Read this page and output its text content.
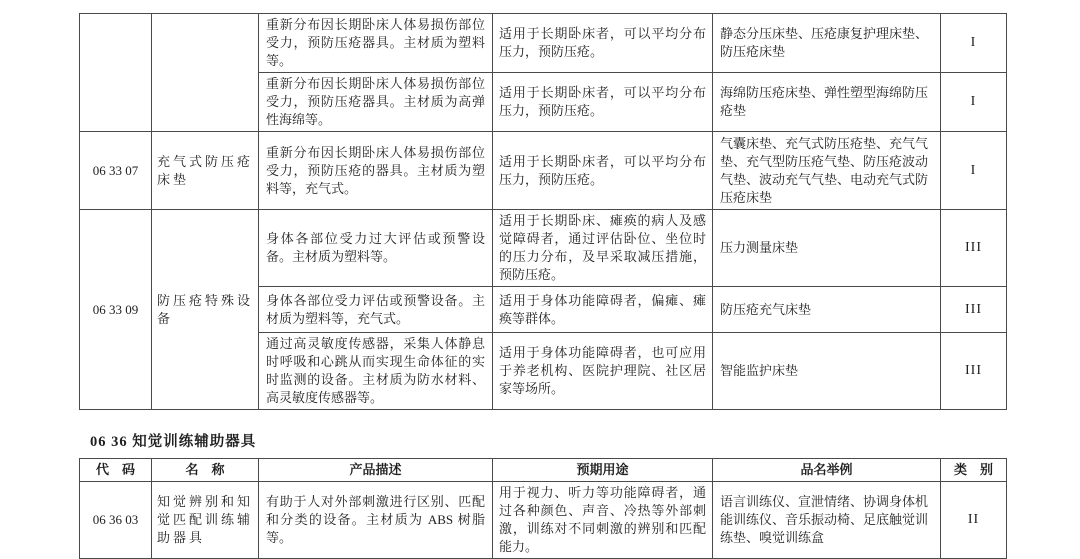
		重新分布因长期卧床人体易损伤部位受力，预防压疮器具。主材质为塑料等。	适用于长期卧床者，可以平均分布压力，预防压疮。	静态分压床垫、压疮康复护理床垫、防压疮床垫	I
		重新分布因长期卧床人体易损伤部位受力，预防压疮器具。主材质为高弹性海绵等。	适用于长期卧床者，可以平均分布压力，预防压疮。	海绵防压疮床垫、弹性塑型海绵防压疮垫	I
06 33 07	充气式防压疮床垫	重新分布因长期卧床人体易损伤部位受力，预防压疮的器具。主材质为塑料等，充气式。	适用于长期卧床者，可以平均分布压力，预防压疮。	气囊床垫、充气式防压疮垫、充气气垫、充气型防压疮气垫、防压疮波动气垫、波动充气气垫、电动充气式防压疮床垫	I
06 33 09	防压疮特殊设备	身体各部位受力过大评估或预警设备。主材质为塑料等。	适用于长期卧床、瘫痪的病人及感觉障碍者，通过评估卧位、坐位时的压力分布，及早采取减压措施，预防压疮。	压力测量床垫	III
		身体各部位受力评估或预警设备。主材质为塑料等，充气式。	适用于身体功能障碍者，偏瘫、瘫痪等群体。	防压疮充气床垫	III
		通过高灵敏度传感器，采集人体静息时呼吸和心跳从而实现生命体征的实时监测的设备。主材质为防水材料、高灵敏度传感器等。	适用于身体功能障碍者，也可应用于养老机构、医院护理院、社区居家等场所。	智能监护床垫	III
06 36 知觉训练辅助器具
代　码	名　称	产品描述	预期用途	品名举例	类　别
06 36 03	知觉辨别和知觉匹配训练辅助器具	有助于人对外部刺激进行区别、匹配和分类的设备。主材质为 ABS 树脂等。	用于视力、听力等功能障碍者，通过各种颜色、声音、冷热等外部刺激，训练对不同刺激的辨别和匹配能力。	语言训练仪、宣泄情绪、协调身体机能训练仪、音乐振动椅、足底触觉训练垫、嗅觉训练盒	II
